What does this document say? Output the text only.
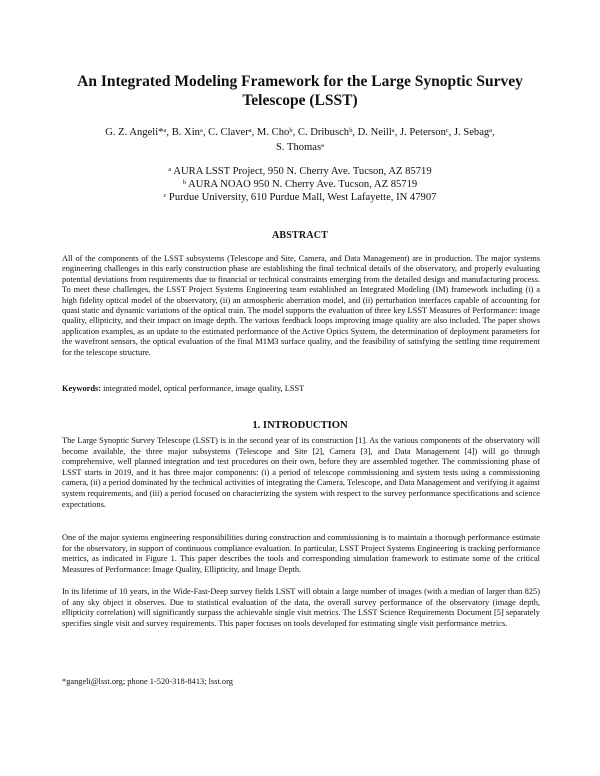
An Integrated Modeling Framework for the Large Synoptic Survey Telescope (LSST)
G. Z. Angeli*ᵃ, B. Xinᵃ, C. Claverᵃ, M. Choᵇ, C. Dribuschᵇ, D. Neillᵃ, J. Petersonᶜ, J. Sebagᵃ,
S. Thomasᵃ
ᵃ AURA LSST Project, 950 N. Cherry Ave. Tucson, AZ 85719
ᵇ AURA NOAO 950 N. Cherry Ave. Tucson, AZ 85719
ᶜ Purdue University, 610 Purdue Mall, West Lafayette, IN 47907
ABSTRACT
All of the components of the LSST subsystems (Telescope and Site, Camera, and Data Management) are in production. The major systems engineering challenges in this early construction phase are establishing the final technical details of the observatory, and properly evaluating potential deviations from requirements due to financial or technical constraints emerging from the detailed design and manufacturing process. To meet these challenges, the LSST Project Systems Engineering team established an Integrated Modeling (IM) framework including (i) a high fidelity optical model of the observatory, (ii) an atmospheric aberration model, and (ii) perturbation interfaces capable of accounting for quasi static and dynamic variations of the optical train. The model supports the evaluation of three key LSST Measures of Performance: image quality, ellipticity, and their impact on image depth. The various feedback loops improving image quality are also included. The paper shows application examples, as an update to the estimated performance of the Active Optics System, the determination of deployment parameters for the wavefront sensors, the optical evaluation of the final M1M3 surface quality, and the feasibility of satisfying the settling time requirement for the telescope structure.
Keywords: integrated model, optical performance, image quality, LSST
1. INTRODUCTION
The Large Synoptic Survey Telescope (LSST) is in the second year of its construction [1]. As the various components of the observatory will become available, the three major subsystems (Telescope and Site [2], Camera [3], and Data Management [4]) will go through comprehensive, well planned integration and test procedures on their own, before they are assembled together. The commissioning phase of LSST starts in 2019, and it has three major components: (i) a period of telescope commissioning and system tests using a commissioning camera, (ii) a period dominated by the technical activities of integrating the Camera, Telescope, and Data Management and verifying it against system requirements, and (iii) a period focused on characterizing the system with respect to the survey performance specifications and science expectations.
One of the major systems engineering responsibilities during construction and commissioning is to maintain a thorough performance estimate for the observatory, in support of continuous compliance evaluation. In particular, LSST Project Systems Engineering is tracking performance metrics, as indicated in Figure 1. This paper describes the tools and corresponding simulation framework to estimate some of the critical Measures of Performance: Image Quality, Ellipticity, and Image Depth.
In its lifetime of 10 years, in the Wide-Fast-Deep survey fields LSST will obtain a large number of images (with a median of larger than 825) of any sky object it observes. Due to statistical evaluation of the data, the overall survey performance of the observatory (image depth, ellipticity correlation) will significantly surpass the achievable single visit metrics. The LSST Science Requirements Document [5] separately specifies single visit and survey requirements. This paper focuses on tools developed for estimating single visit performance metrics.
*gangeli@lsst.org; phone 1-520-318-8413; lsst.org
